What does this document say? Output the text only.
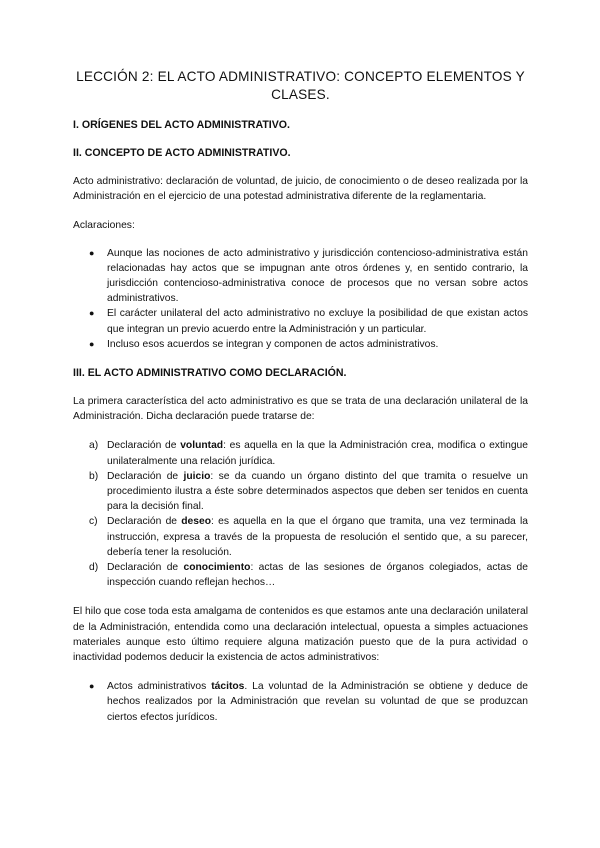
LECCIÓN 2: EL ACTO ADMINISTRATIVO: CONCEPTO ELEMENTOS Y CLASES.
I. ORÍGENES DEL ACTO ADMINISTRATIVO.
II. CONCEPTO DE ACTO ADMINISTRATIVO.

Acto administrativo: declaración de voluntad, de juicio, de conocimiento o de deseo realizada por la Administración en el ejercicio de una potestad administrativa diferente de la reglamentaria.

Aclaraciones:

● Aunque las nociones de acto administrativo y jurisdicción contencioso-administrativa están relacionadas hay actos que se impugnan ante otros órdenes y, en sentido contrario, la jurisdicción contencioso-administrativa conoce de procesos que no versan sobre actos administrativos.
● El carácter unilateral del acto administrativo no excluye la posibilidad de que existan actos que integran un previo acuerdo entre la Administración y un particular.
● Incluso esos acuerdos se integran y componen de actos administrativos.
III. EL ACTO ADMINISTRATIVO COMO DECLARACIÓN.

La primera característica del acto administrativo es que se trata de una declaración unilateral de la Administración. Dicha declaración puede tratarse de:

a) Declaración de voluntad: es aquella en la que la Administración crea, modifica o extingue unilateralmente una relación jurídica.
b) Declaración de juicio: se da cuando un órgano distinto del que tramita o resuelve un procedimiento ilustra a éste sobre determinados aspectos que deben ser tenidos en cuenta para la decisión final.
c) Declaración de deseo: es aquella en la que el órgano que tramita, una vez terminada la instrucción, expresa a través de la propuesta de resolución el sentido que, a su parecer, debería tener la resolución.
d) Declaración de conocimiento: actas de las sesiones de órganos colegiados, actas de inspección cuando reflejan hechos…

El hilo que cose toda esta amalgama de contenidos es que estamos ante una declaración unilateral de la Administración, entendida como una declaración intelectual, opuesta a simples actuaciones materiales aunque esto último requiere alguna matización puesto que de la pura actividad o inactividad podemos deducir la existencia de actos administrativos:

● Actos administrativos tácitos. La voluntad de la Administración se obtiene y deduce de hechos realizados por la Administración que revelan su voluntad de que se produzcan ciertos efectos jurídicos.
